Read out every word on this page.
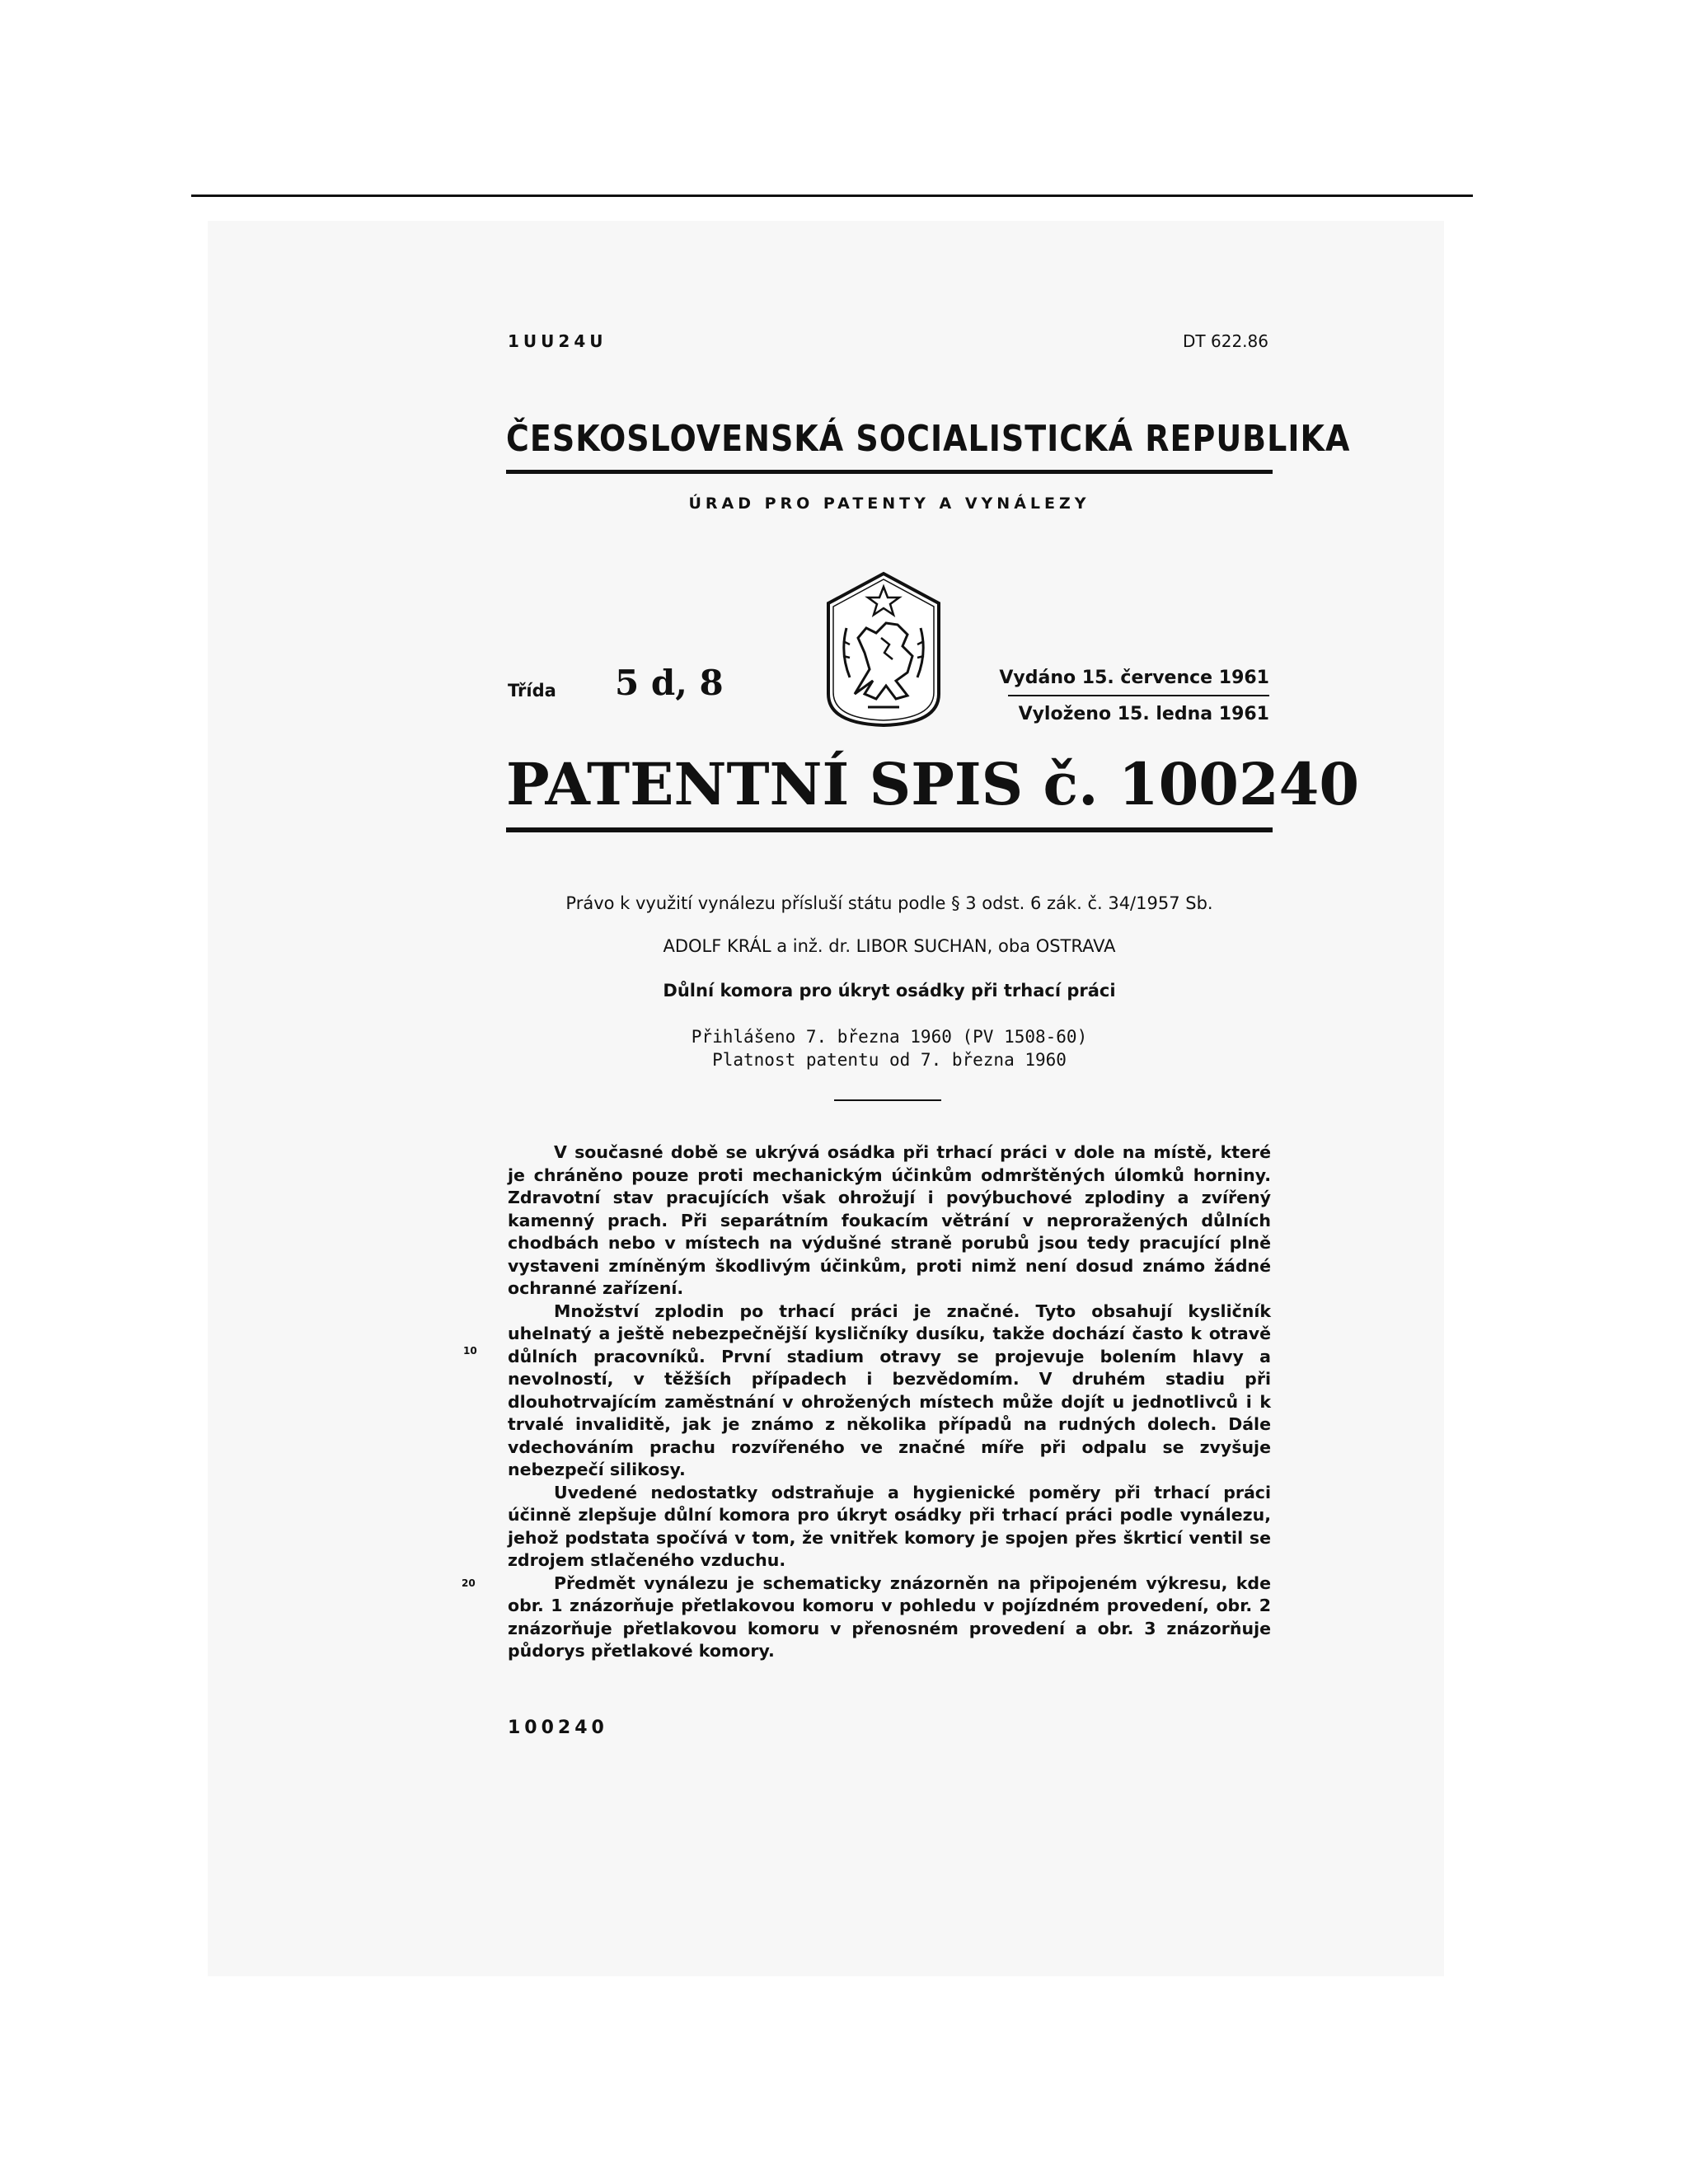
1UU24U	DT 622.86
ČESKOSLOVENSKÁ SOCIALISTICKÁ REPUBLIKA
ÚRAD PRO PATENTY A VYNÁLEZY
Třída 5 d, 8	Vydáno 15. července 1961
Vyloženo 15. ledna 1961
PATENTNÍ SPIS č. 100240
Právo k využití vynálezu přísluší státu podle § 3 odst. 6 zák. č. 34/1957 Sb.
ADOLF KRÁL a inž. dr. LIBOR SUCHAN, oba OSTRAVA
Důlní komora pro úkryt osádky při trhací práci
Přihlášeno 7. března 1960 (PV 1508-60)
Platnost patentu od 7. března 1960

V současné době se ukrývá osádka při trhací práci v dole na místě, které je chráněno pouze proti mechanickým účinkům odmrštěných úlomků horniny. Zdravotní stav pracujících však ohrožují i povýbuchové zplodiny a zvířený kamenný prach. Při separátním foukacím větrání v neproražených důlních chodbách nebo v místech na výdušné straně porubů jsou tedy pracující plně vystaveni zmíněným škodlivým účinkům, proti nimž není dosud známo žádné ochranné zařízení.

Množství zplodin po trhací práci je značné. Tyto obsahují kysličník uhelnatý a ještě nebezpečnější kysličníky dusíku, takže dochází často k otravě důlních pracovníků. První stadium otravy se projevuje bolením hlavy a nevolností, v těžších případech i bezvědomím. V druhém stadiu při dlouhotrvajícím zaměstnání v ohrožených místech může dojít u jednotlivců i k trvalé invaliditě, jak je známo z několika případů na rudných dolech. Dále vdechováním prachu rozvířeného ve značné míře při odpalu se zvyšuje nebezpečí silikosy.

Uvedené nedostatky odstraňuje a hygienické poměry při trhací práci účinně zlepšuje důlní komora pro úkryt osádky při trhací práci podle vynálezu, jehož podstata spočívá v tom, že vnitřek komory je spojen přes škrticí ventil se zdrojem stlačeného vzduchu.

Předmět vynálezu je schematicky znázorněn na připojeném výkresu, kde obr. 1 znázorňuje přetlakovou komoru v pohledu v pojízdném provedení, obr. 2 znázorňuje přetlakovou komoru v přenosném provedení a obr. 3 znázorňuje půdorys přetlakové komory.

10
20
100240
